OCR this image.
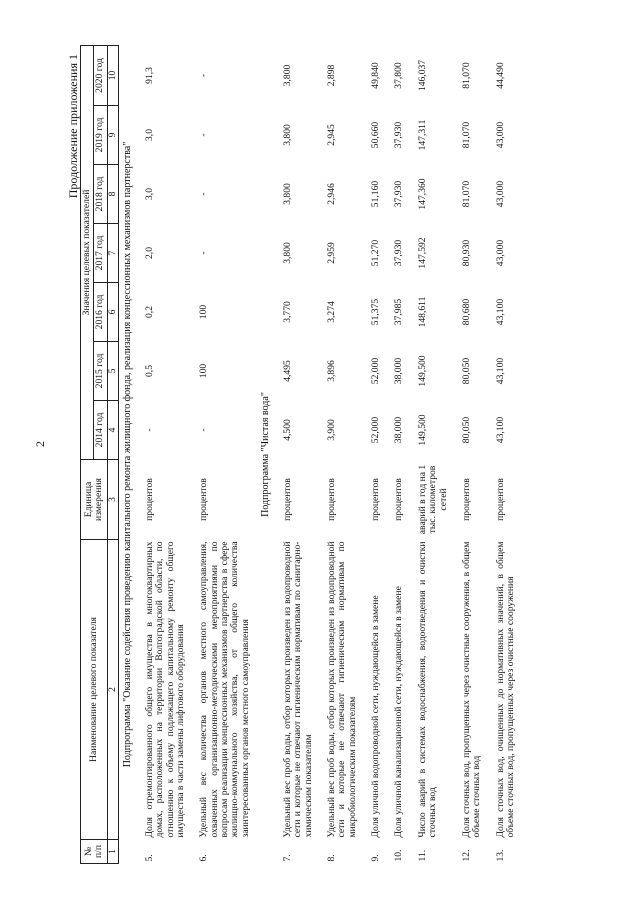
2
Продолжение приложения 1
№ п/п	Наименование целевого показателя	Единица измерения	Значения целевых показателей						
			2014 год	2015 год	2016 год	2017 год	2018 год	2019 год	2020 год
1	2	3	4	5	6	7	8	9	10
Подпрограмма "Оказание содействия проведению капитального ремонта жилищного фонда, реализация концессионных механизмов партнерства"									
5.	Доля отремонтированного общего имущества в многоквартирных домах, расположенных на территории Волгоградской области, по отношению к объему подлежащего капитальному ремонту общего имущества в части замены лифтового оборудования	процентов	-	0,5	0,2	2,0	3,0	3,0	91,3
6.	Удельный вес количества органов местного самоуправления, охваченных организационно-методическими мероприятиями по вопросам реализации концессионных механизмов партнерства в сфере жилищно-коммунального хозяйства, от общего количества заинтересованных органов местного самоуправления	процентов	-	100	100	-	-	-	-
Подпрограмма "Чистая вода"									
7.	Удельный вес проб воды, отбор которых произведен из водопроводной сети и которые не отвечают гигиеническим нормативам по санитарно-химическим показателям	процентов	4,500	4,495	3,770	3,800	3,800	3,800	3,800
8.	Удельный вес проб воды, отбор которых произведен из водопроводной сети и которые не отвечают гигиеническим нормативам по микробиологическим показателям	процентов	3,900	3,896	3,274	2,959	2,946	2,945	2,898
9.	Доля уличной водопроводной сети, нуждающейся в замене	процентов	52,000	52,000	51,375	51,270	51,160	50,660	49,840
10.	Доля уличной канализационной сети, нуждающейся в замене	процентов	38,000	38,000	37,985	37,930	37,930	37,930	37,800
11.	Число аварий в системах водоснабжения, водоотведения и очистки сточных вод	аварий в год на 1 тыс. километров сетей	149,500	149,500	148,611	147,592	147,360	147,311	146,037
12.	Доля сточных вод, пропущенных через очистные сооружения, в общем объеме сточных вод	процентов	80,050	80,050	80,680	80,930	81,070	81,070	81,070
13.	Доля сточных вод, очищенных до нормативных значений, в общем объеме сточных вод, пропущенных через очистные сооружения	процентов	43,100	43,100	43,100	43,000	43,000	43,000	44,490
